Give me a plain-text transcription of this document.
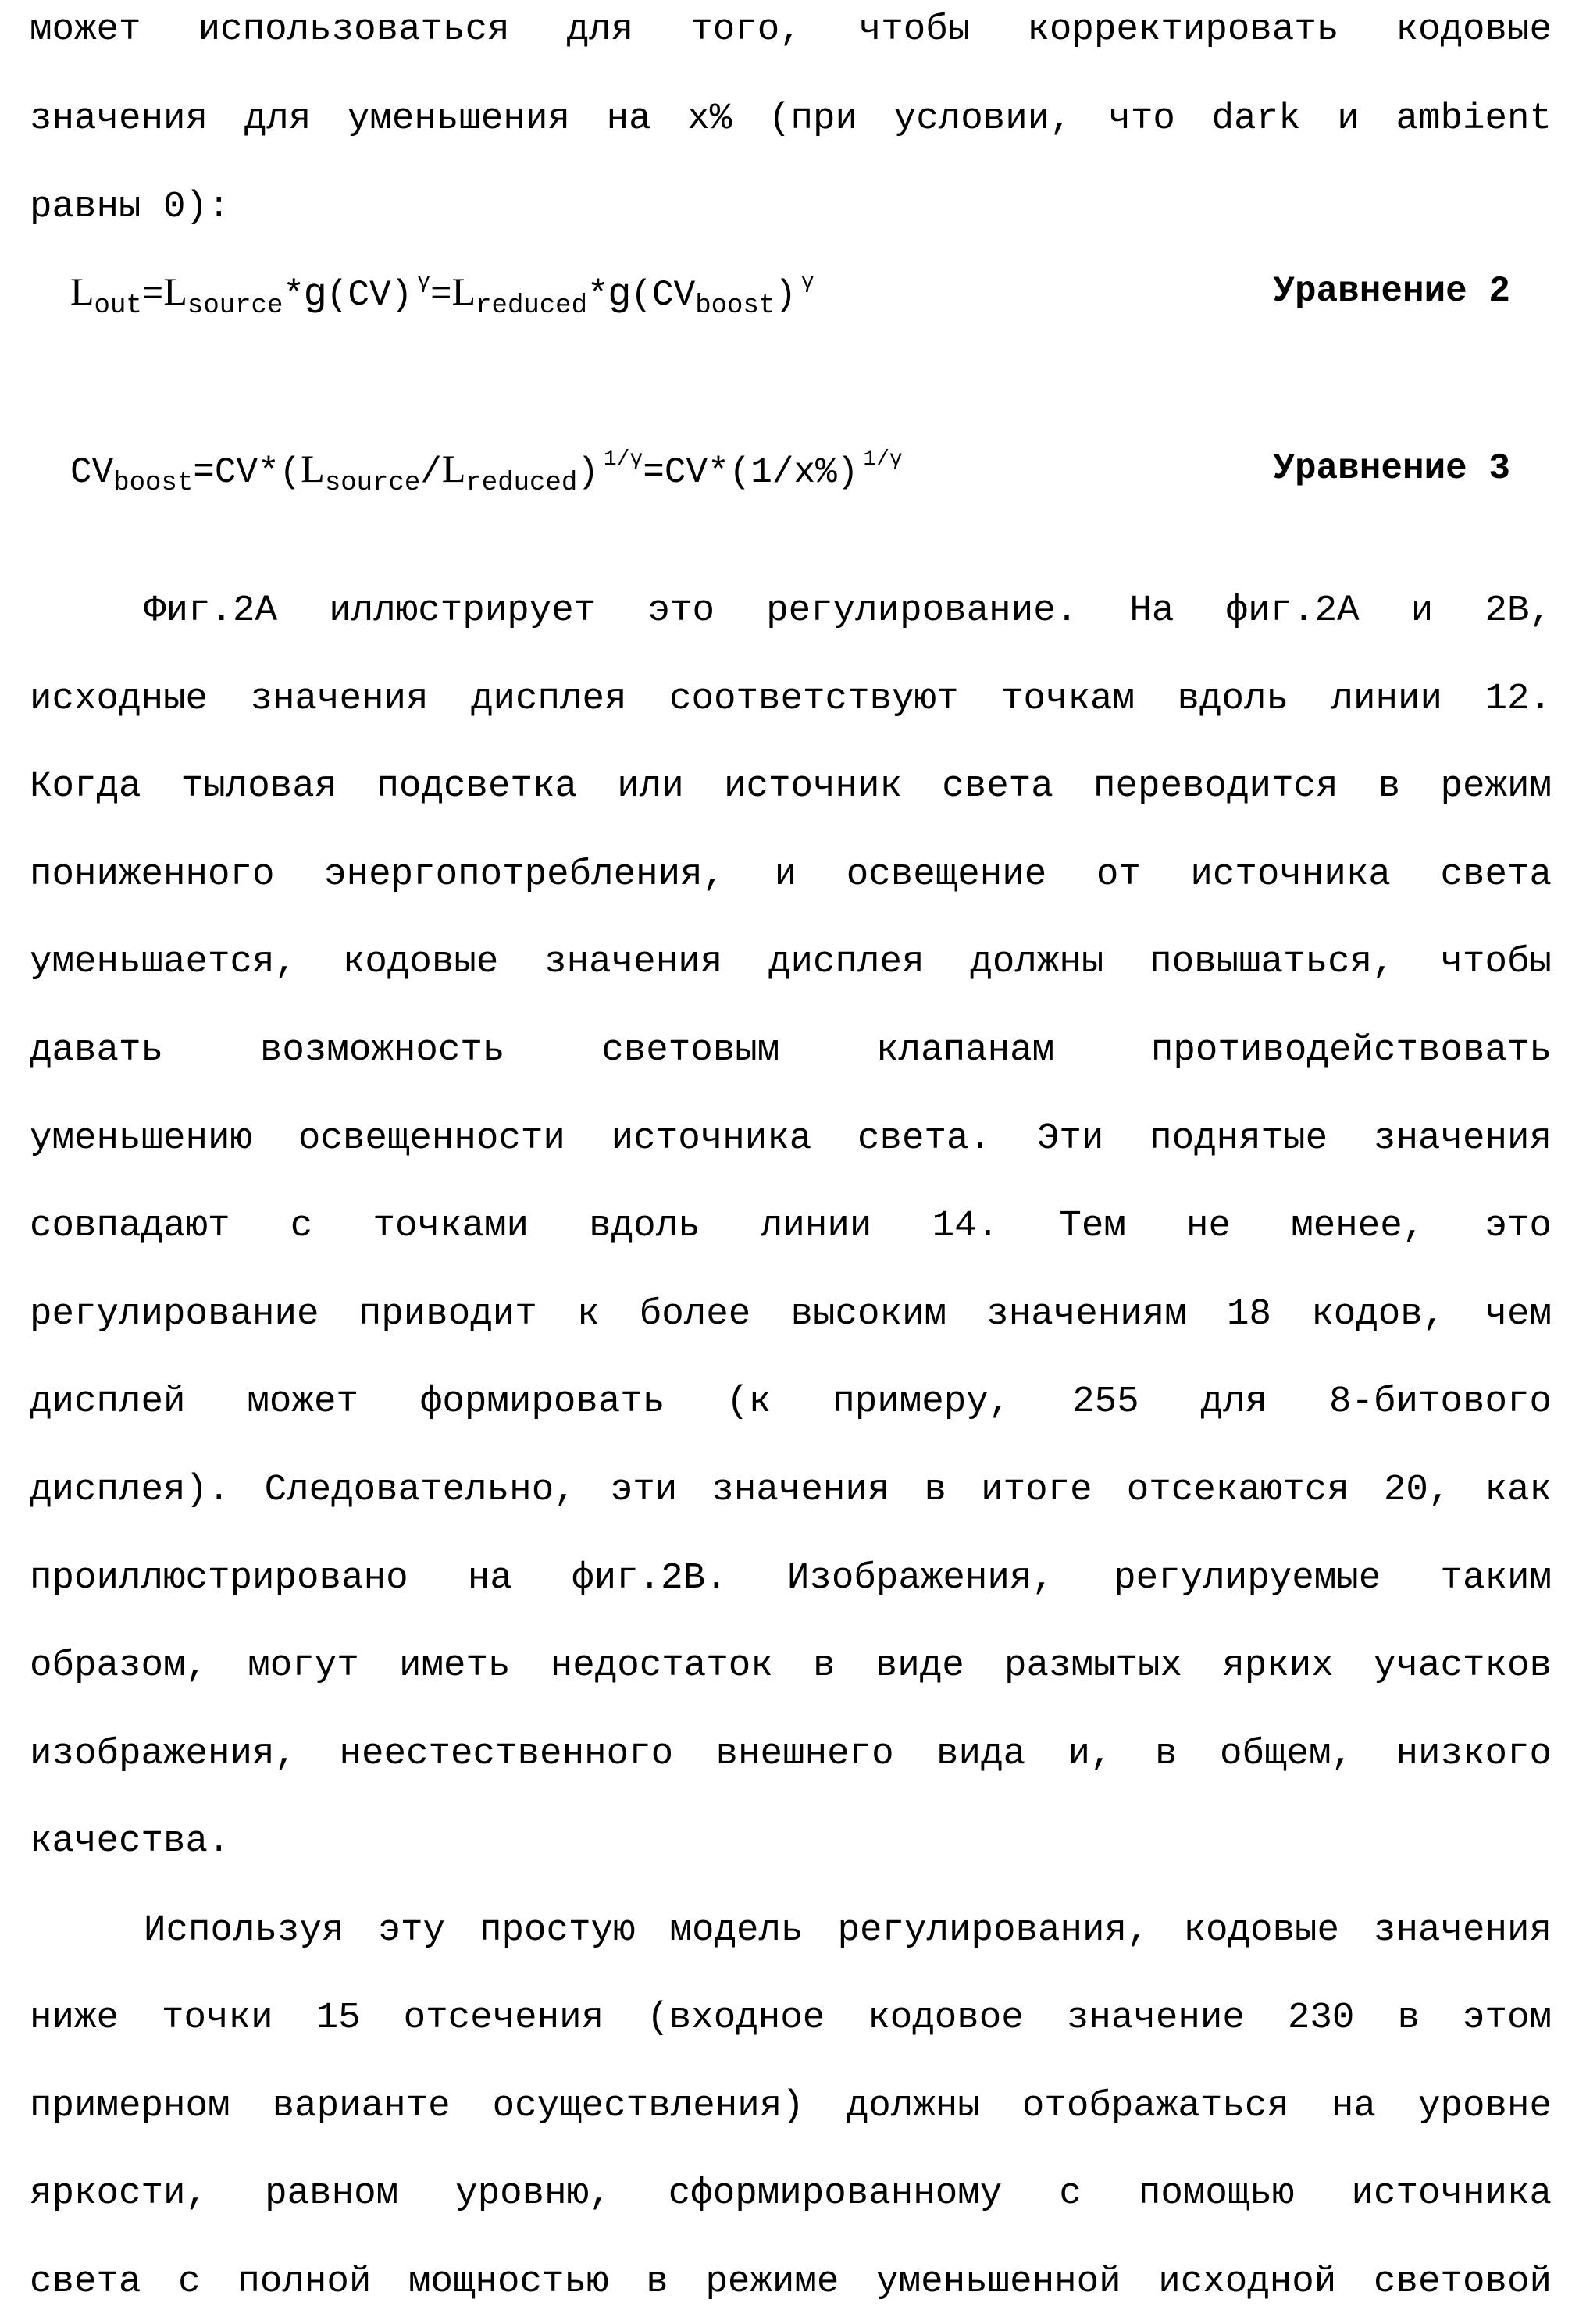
может использоваться для того, чтобы корректировать кодовые
значения для уменьшения на x% (при условии, что dark и ambient
равны 0):
$L_{out}=L_{source}*g(CV)$ $^\gamma=L_{reduced}*g(CV_{boost})$ $^\gamma$	Уравнение 2
$CV_{boost}=CV*(L_{source}/L_{reduced})$ $^{1/\gamma}$=CV*(1/x%) $^{1/\gamma}$	Уравнение 3
Фиг.2А иллюстрирует это регулирование. На фиг.2А и 2В,
исходные значения дисплея соответствуют точкам вдоль линии 12.
Когда тыловая подсветка или источник света переводится в режим
пониженного энергопотребления, и освещение от источника света
уменьшается, кодовые значения дисплея должны повышаться, чтобы
давать возможность световым клапанам противодействовать
уменьшению освещенности источника света. Эти поднятые значения
совпадают с точками вдоль линии 14. Тем не менее, это
регулирование приводит к более высоким значениям 18 кодов, чем
дисплей может формировать (к примеру, 255 для 8-битового
дисплея). Следовательно, эти значения в итоге отсекаются 20, как
проиллюстрировано на фиг.2В. Изображения, регулируемые таким
образом, могут иметь недостаток в виде размытых ярких участков
изображения, неестественного внешнего вида и, в общем, низкого
качества.
Используя эту простую модель регулирования, кодовые значения
ниже точки 15 отсечения (входное кодовое значение 230 в этом
примерном варианте осуществления) должны отображаться на уровне
яркости, равном уровню, сформированному с помощью источника
света с полной мощностью в режиме уменьшенной исходной световой
